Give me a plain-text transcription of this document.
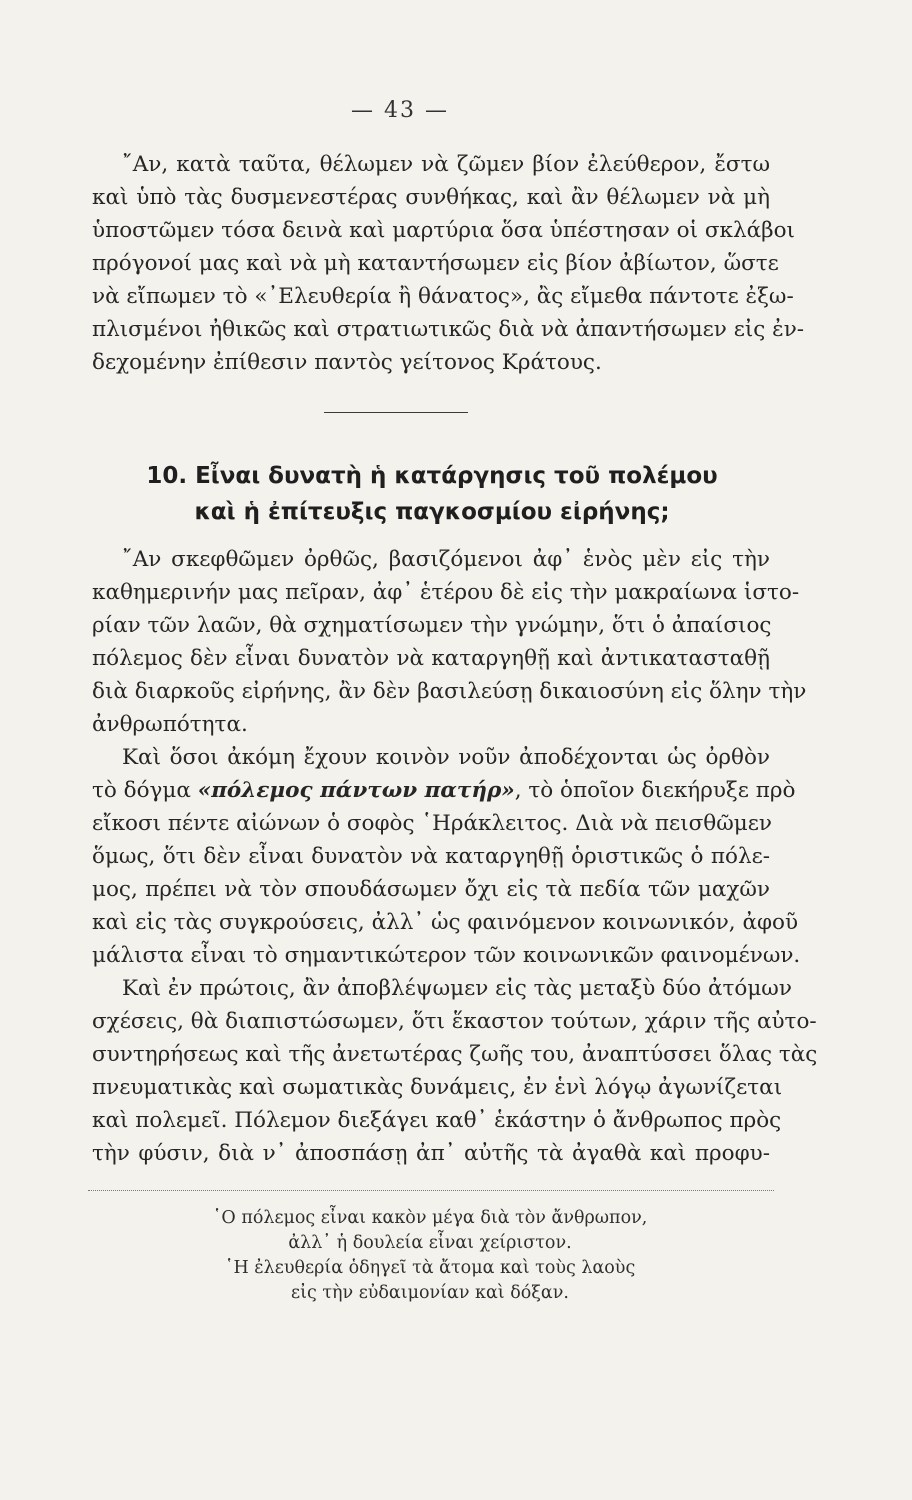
— 43 —
῎Αν, κατὰ ταῦτα, θέλωμεν νὰ ζῶμεν βίον ἐλεύθερον, ἔστω
καὶ ὑπὸ τὰς δυσμενεστέρας συνθήκας, καὶ ἂν θέλωμεν νὰ μὴ
ὑποστῶμεν τόσα δεινὰ καὶ μαρτύρια ὅσα ὑπέστησαν οἱ σκλάβοι
πρόγονοί μας καὶ νὰ μὴ καταντήσωμεν εἰς βίον ἀβίωτον, ὥστε
νὰ εἴπωμεν τὸ «᾿Ελευθερία ἢ θάνατος», ἂς εἴμεθα πάντοτε ἐξω-
πλισμένοι ἠθικῶς καὶ στρατιωτικῶς διὰ νὰ ἀπαντήσωμεν εἰς ἐν-
δεχομένην ἐπίθεσιν παντὸς γείτονος Κράτους.
10. Εἶναι δυνατὴ ἡ κατάργησις τοῦ πολέμου
καὶ ἡ ἐπίτευξις παγκοσμίου εἰρήνης;
῎Αν σκεφθῶμεν ὀρθῶς, βασιζόμενοι ἀφ᾿ ἑνὸς μὲν εἰς τὴν
καθημερινήν μας πεῖραν, ἀφ᾿ ἑτέρου δὲ εἰς τὴν μακραίωνα ἱστο-
ρίαν τῶν λαῶν, θὰ σχηματίσωμεν τὴν γνώμην, ὅτι ὁ ἀπαίσιος
πόλεμος δὲν εἶναι δυνατὸν νὰ καταργηθῇ καὶ ἀντικατασταθῇ
διὰ διαρκοῦς εἰρήνης, ἂν δὲν βασιλεύσῃ δικαιοσύνη εἰς ὅλην τὴν
ἀνθρωπότητα.
Καὶ ὅσοι ἀκόμη ἔχουν κοινὸν νοῦν ἀποδέχονται ὡς ὀρθὸν
τὸ δόγμα «πόλεμος πάντων πατήρ», τὸ ὁποῖον διεκήρυξε πρὸ
εἴκοσι πέντε αἰώνων ὁ σοφὸς ῾Ηράκλειτος. Διὰ νὰ πεισθῶμεν
ὅμως, ὅτι δὲν εἶναι δυνατὸν νὰ καταργηθῇ ὁριστικῶς ὁ πόλε-
μος, πρέπει νὰ τὸν σπουδάσωμεν ὄχι εἰς τὰ πεδία τῶν μαχῶν
καὶ εἰς τὰς συγκρούσεις, ἀλλ᾿ ὡς φαινόμενον κοινωνικόν, ἀφοῦ
μάλιστα εἶναι τὸ σημαντικώτερον τῶν κοινωνικῶν φαινομένων.
Καὶ ἐν πρώτοις, ἂν ἀποβλέψωμεν εἰς τὰς μεταξὺ δύο ἀτόμων
σχέσεις, θὰ διαπιστώσωμεν, ὅτι ἕκαστον τούτων, χάριν τῆς αὐτο-
συντηρήσεως καὶ τῆς ἀνετωτέρας ζωῆς του, ἀναπτύσσει ὅλας τὰς
πνευματικὰς καὶ σωματικὰς δυνάμεις, ἐν ἑνὶ λόγῳ ἀγωνίζεται
καὶ πολεμεῖ. Πόλεμον διεξάγει καθ᾿ ἑκάστην ὁ ἄνθρωπος πρὸς
τὴν φύσιν, διὰ ν᾿ ἀποσπάσῃ ἀπ᾿ αὐτῆς τὰ ἀγαθὰ καὶ προφυ-
῾Ο πόλεμος εἶναι κακὸν μέγα διὰ τὸν ἄνθρωπον,
ἀλλ᾿ ἡ δουλεία εἶναι χείριστον.
῾Η ἐλευθερία ὁδηγεῖ τὰ ἄτομα καὶ τοὺς λαοὺς
εἰς τὴν εὐδαιμονίαν καὶ δόξαν.
